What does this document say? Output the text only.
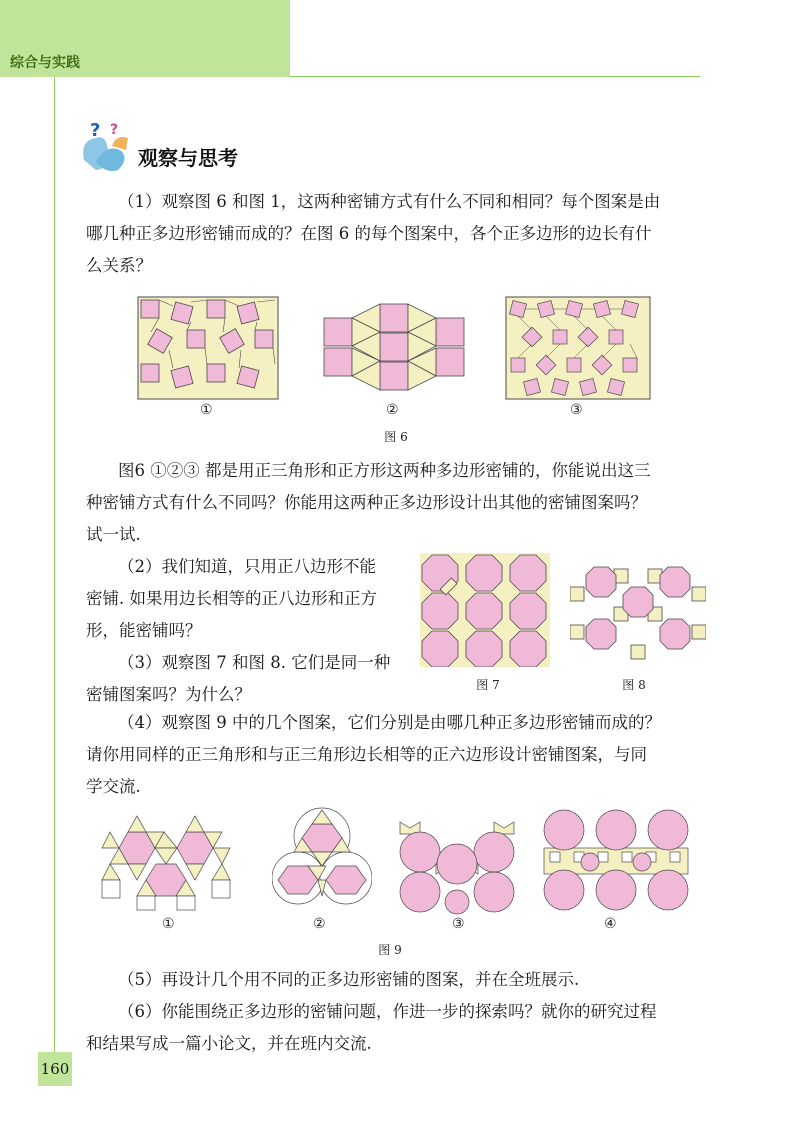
综合与实践
? ?
观察与思考

（1）观察图 6 和图 1，这两种密铺方式有什么不同和相同？每个图案是由
哪几种正多边形密铺而成的？在图 6 的每个图案中，各个正多边形的边长有什
么关系？

①	②	③
图 6

图6 ①②③ 都是用正三角形和正方形这两种多边形密铺的，你能说出这三
种密铺方式有什么不同吗？你能用这两种正多边形设计出其他的密铺图案吗？
试一试.

（2）我们知道，只用正八边形不能
密铺. 如果用边长相等的正八边形和正方
形，能密铺吗？

（3）观察图 7 和图 8. 它们是同一种
密铺图案吗？为什么？	图 7	图 8

（4）观察图 9 中的几个图案，它们分别是由哪几种正多边形密铺而成的？
请你用同样的正三角形和与正三角形边长相等的正六边形设计密铺图案，与同
学交流.

①	②	③	④
图 9

（5）再设计几个用不同的正多边形密铺的图案，并在全班展示.

（6）你能围绕正多边形的密铺问题，作进一步的探索吗？就你的研究过程
和结果写成一篇小论文，并在班内交流.

160
